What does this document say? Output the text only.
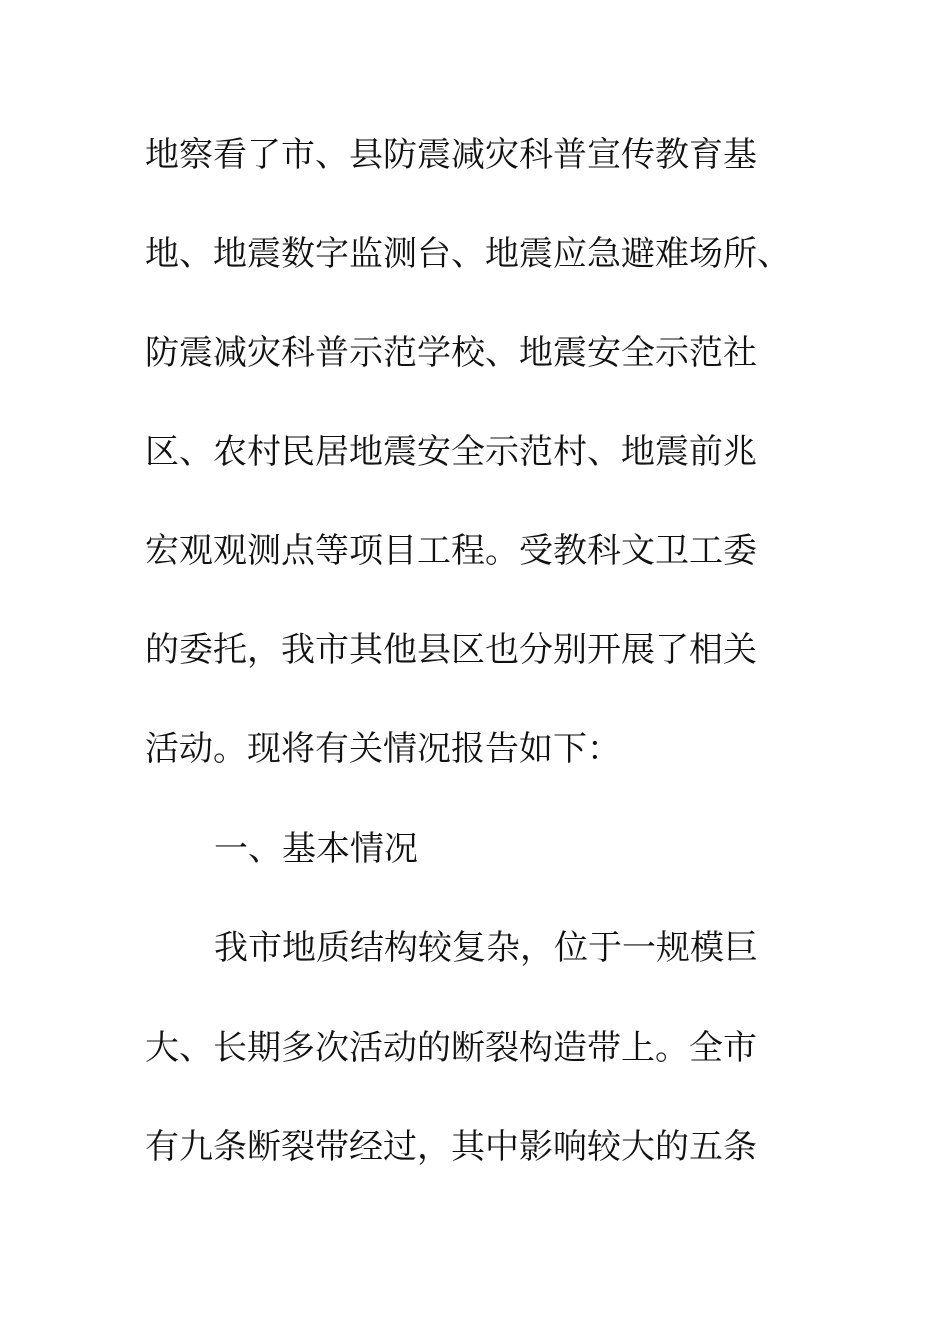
地察看了市、县防震减灾科普宣传教育基

地、地震数字监测台、地震应急避难场所、

防震减灾科普示范学校、地震安全示范社

区、农村民居地震安全示范村、地震前兆

宏观观测点等项目工程。受教科文卫工委

的委托，我市其他县区也分别开展了相关

活动。现将有关情况报告如下：

一、基本情况

我市地质结构较复杂，位于一规模巨

大、长期多次活动的断裂构造带上。全市

有九条断裂带经过，其中影响较大的五条
